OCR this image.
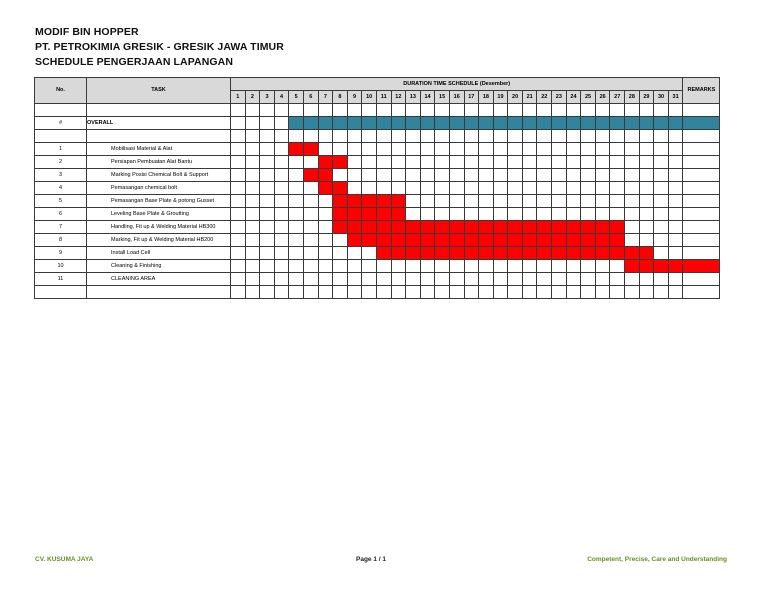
MODIF BIN HOPPER
PT. PETROKIMIA GRESIK - GRESIK JAWA TIMUR
SCHEDULE PENGERJAAN LAPANGAN
No.	TASK	DURATION TIME SCHEDULE (Desember)																															REMARKS
		1	2	3	4	5	6	7	8	9	10	11	12	13	14	15	16	17	18	19	20	21	22	23	24	25	26	27	28	29	30	31	

#	OVERALL																																

1	Mobilisasi Material & Alat																																
2	Persiapan Pembuatan Alat Bantu																																
3	Marking Posisi Chemical Bolt & Support																																
4	Pemasangan chemical bolt																																
5	Pemasangan Base Plate & potong Gusset																																
6	Leveling Base Plate & Groutting																																
7	Handling, Fit up & Welding Material HB300																																
8	Marking, Fit up & Welding Material HB200																																
9	Install Load Cell																																
10	Cleaning & Finishing																																
11	CLEANING AREA																																

CV. KUSUMA JAYA	Page 1 / 1	Competent, Precise, Care and Understanding
